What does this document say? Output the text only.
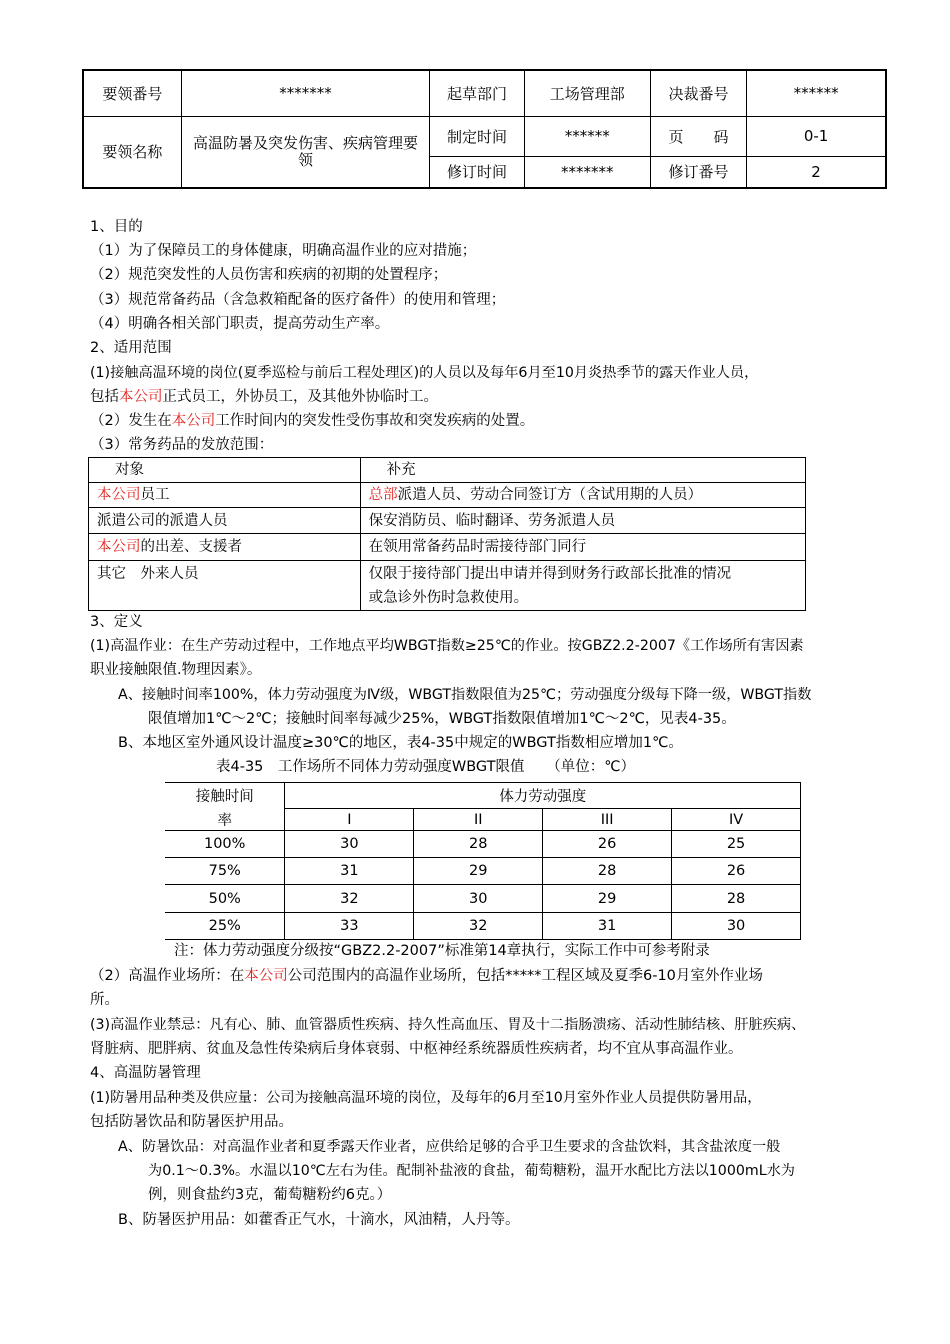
要领番号	*******	起草部门	工场管理部	决裁番号	******
要领名称	高温防暑及突发伤害、疾病管理要领	制定时间	******	页　　码	0-1
		修订时间	*******	修订番号	2
1、目的
（1）为了保障员工的身体健康，明确高温作业的应对措施；
（2）规范突发性的人员伤害和疾病的初期的处置程序；
（3）规范常备药品（含急救箱配备的医疗备件）的使用和管理；
（4）明确各相关部门职责，提高劳动生产率。
2、适用范围
(1)接触高温环境的岗位(夏季巡检与前后工程处理区)的人员以及每年6月至10月炎热季节的露天作业人员，
包括本公司正式员工，外协员工，及其他外协临时工。
（2）发生在本公司工作时间内的突发性受伤事故和突发疾病的处置。
（3）常务药品的发放范围：
对象	补充
本公司员工	总部派遣人员、劳动合同签订方（含试用期的人员）
派遣公司的派遣人员	保安消防员、临时翻译、劳务派遣人员
本公司的出差、支援者	在领用常备药品时需接待部门同行
其它　外来人员	仅限于接待部门提出申请并得到财务行政部长批准的情况
或急诊外伤时急救使用。
3、定义
(1)高温作业：在生产劳动过程中，工作地点平均WBGT指数≥25℃的作业。按GBZ2.2-2007《工作场所有害因素
职业接触限值.物理因素》。
A、接触时间率100%，体力劳动强度为Ⅳ级，WBGT指数限值为25℃；劳动强度分级每下降一级，WBGT指数
限值增加1℃～2℃；接触时间率每减少25%，WBGT指数限值增加1℃～2℃，见表4-35。
B、本地区室外通风设计温度≥30℃的地区，表4-35中规定的WBGT指数相应增加1℃。
表4-35　工作场所不同体力劳动强度WBGT限值　　（单位：℃）
接触时间	体力劳动强度			
率	I	II	III	IV
100%	30	28	26	25
75%	31	29	28	26
50%	32	30	29	28
25%	33	32	31	30
注：体力劳动强度分级按“GBZ2.2-2007”标准第14章执行，实际工作中可参考附录
（2）高温作业场所：在本公司公司范围内的高温作业场所，包括*****工程区域及夏季6-10月室外作业场
所。
(3)高温作业禁忌：凡有心、肺、血管器质性疾病、持久性高血压、胃及十二指肠溃疡、活动性肺结核、肝脏疾病、
肾脏病、肥胖病、贫血及急性传染病后身体衰弱、中枢神经系统器质性疾病者，均不宜从事高温作业。
4、高温防暑管理
(1)防暑用品种类及供应量：公司为接触高温环境的岗位，及每年的6月至10月室外作业人员提供防暑用品，
包括防暑饮品和防暑医护用品。
A、防暑饮品：对高温作业者和夏季露天作业者，应供给足够的合乎卫生要求的含盐饮料，其含盐浓度一般
为0.1～0.3%。水温以10℃左右为佳。配制补盐液的食盐，葡萄糖粉，温开水配比方法以1000mL水为
例，则食盐约3克，葡萄糖粉约6克。）
B、防暑医护用品：如藿香正气水，十滴水，风油精，人丹等。
